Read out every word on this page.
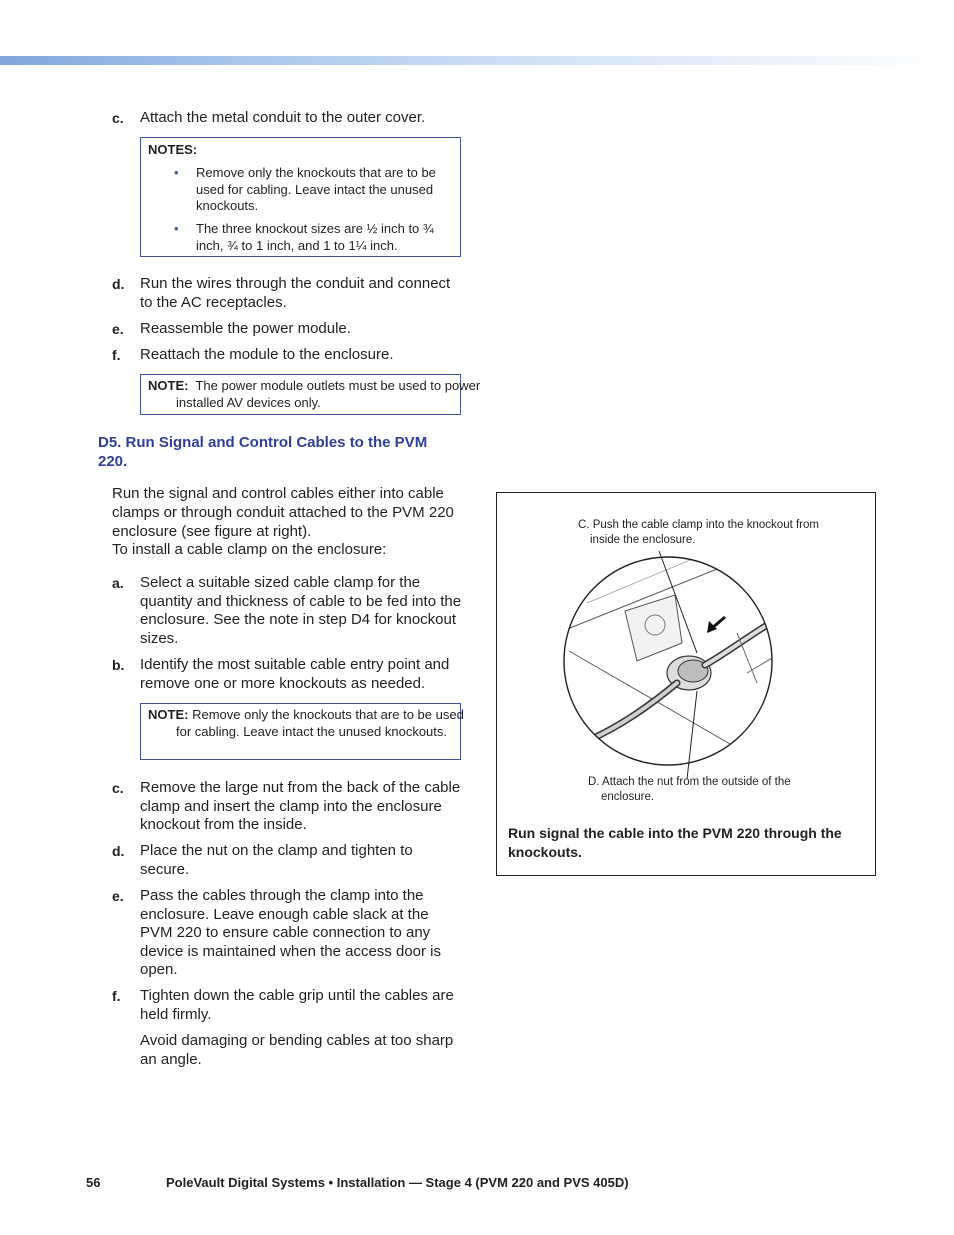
c. Attach the metal conduit to the outer cover.
NOTES:
• Remove only the knockouts that are to be used for cabling. Leave intact the unused knockouts.
• The three knockout sizes are ½ inch to ¾ inch, ¾ to 1 inch, and 1 to 1¼ inch.
d. Run the wires through the conduit and connect to the AC receptacles.
e. Reassemble the power module.
f. Reattach the module to the enclosure.
NOTE: The power module outlets must be used to power installed AV devices only.
D5. Run Signal and Control Cables to the PVM 220.
Run the signal and control cables either into cable clamps or through conduit attached to the PVM 220 enclosure (see figure at right).
To install a cable clamp on the enclosure:
a. Select a suitable sized cable clamp for the quantity and thickness of cable to be fed into the enclosure. See the note in step D4 for knockout sizes.
b. Identify the most suitable cable entry point and remove one or more knockouts as needed.
NOTE: Remove only the knockouts that are to be used for cabling. Leave intact the unused knockouts.
c. Remove the large nut from the back of the cable clamp and insert the clamp into the enclosure knockout from the inside.
d. Place the nut on the clamp and tighten to secure.
e. Pass the cables through the clamp into the enclosure. Leave enough cable slack at the PVM 220 to ensure cable connection to any device is maintained when the access door is open.
f. Tighten down the cable grip until the cables are held firmly.
Avoid damaging or bending cables at too sharp an angle.
C. Push the cable clamp into the knockout from inside the enclosure.
D. Attach the nut from the outside of the enclosure.
Run signal the cable into the PVM 220 through the knockouts.
56	PoleVault Digital Systems • Installation — Stage 4 (PVM 220 and PVS 405D)
